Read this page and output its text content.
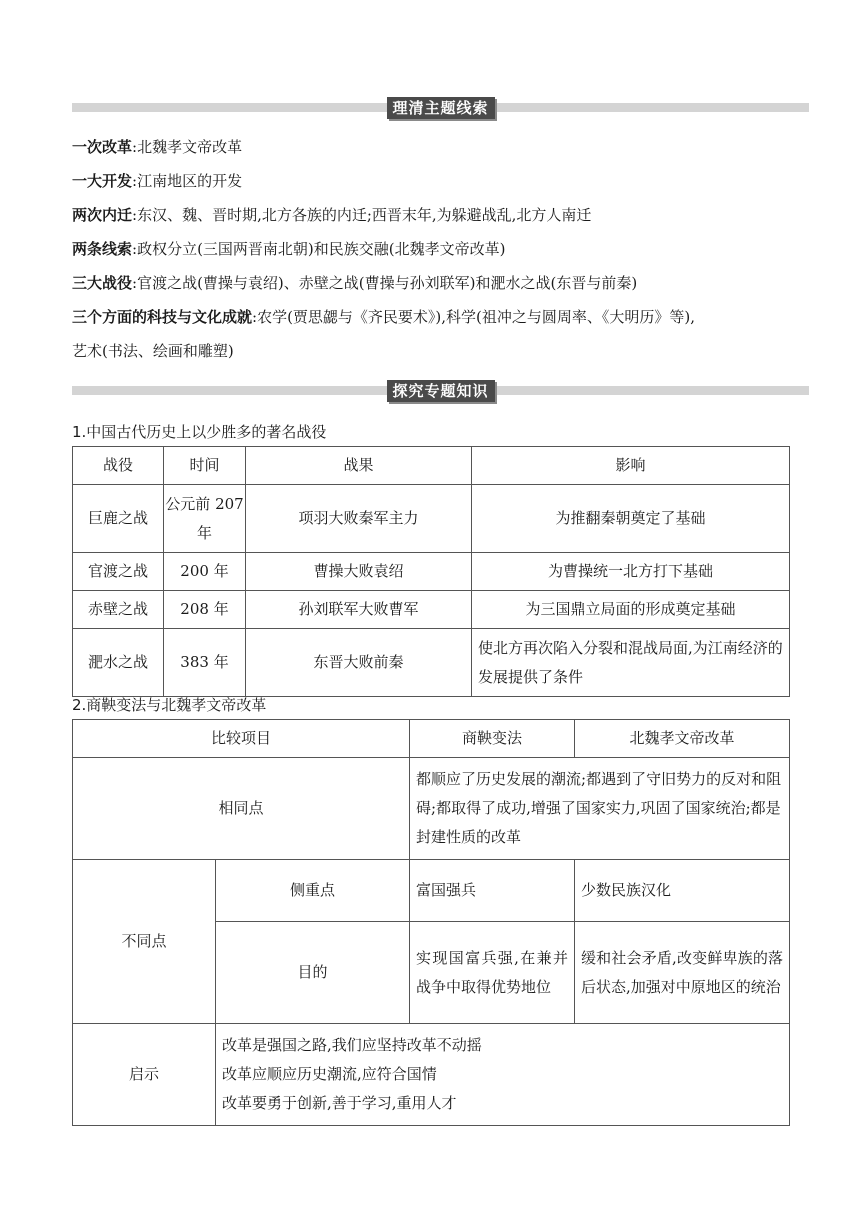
理清主题线索
一次改革:北魏孝文帝改革
一大开发:江南地区的开发
两次内迁:东汉、魏、晋时期,北方各族的内迁;西晋末年,为躲避战乱,北方人南迁
两条线索:政权分立(三国两晋南北朝)和民族交融(北魏孝文帝改革)
三大战役:官渡之战(曹操与袁绍)、赤壁之战(曹操与孙刘联军)和淝水之战(东晋与前秦)
三个方面的科技与文化成就:农学(贾思勰与《齐民要术》),科学(祖冲之与圆周率、《大明历》等),
艺术(书法、绘画和雕塑)
探究专题知识
1.中国古代历史上以少胜多的著名战役
战役	时间	战果	影响
巨鹿之战	公元前 207 年	项羽大败秦军主力	为推翻秦朝奠定了基础
官渡之战	200 年	曹操大败袁绍	为曹操统一北方打下基础
赤壁之战	208 年	孙刘联军大败曹军	为三国鼎立局面的形成奠定基础
淝水之战	383 年	东晋大败前秦	使北方再次陷入分裂和混战局面,为江南经济的发展提供了条件
2.商鞅变法与北魏孝文帝改革
比较项目		商鞅变法	北魏孝文帝改革
相同点		都顺应了历史发展的潮流;都遇到了守旧势力的反对和阻碍;都取得了成功,增强了国家实力,巩固了国家统治;都是封建性质的改革	
不同点	侧重点	富国强兵	少数民族汉化
	目的	实现国富兵强,在兼并战争中取得优势地位	缓和社会矛盾,改变鲜卑族的落后状态,加强对中原地区的统治
启示	改革是强国之路,我们应坚持改革不动摇
改革应顺应历史潮流,应符合国情
改革要勇于创新,善于学习,重用人才		
